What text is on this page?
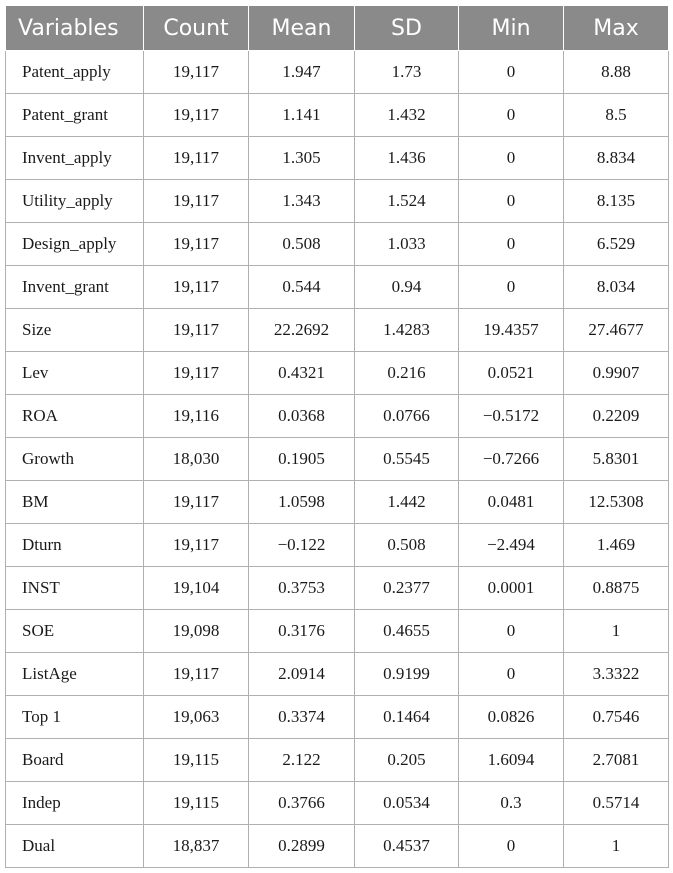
Variables	Count	Mean	SD	Min	Max
Patent_apply	19,117	1.947	1.73	0	8.88
Patent_grant	19,117	1.141	1.432	0	8.5
Invent_apply	19,117	1.305	1.436	0	8.834
Utility_apply	19,117	1.343	1.524	0	8.135
Design_apply	19,117	0.508	1.033	0	6.529
Invent_grant	19,117	0.544	0.94	0	8.034
Size	19,117	22.2692	1.4283	19.4357	27.4677
Lev	19,117	0.4321	0.216	0.0521	0.9907
ROA	19,116	0.0368	0.0766	−0.5172	0.2209
Growth	18,030	0.1905	0.5545	−0.7266	5.8301
BM	19,117	1.0598	1.442	0.0481	12.5308
Dturn	19,117	−0.122	0.508	−2.494	1.469
INST	19,104	0.3753	0.2377	0.0001	0.8875
SOE	19,098	0.3176	0.4655	0	1
ListAge	19,117	2.0914	0.9199	0	3.3322
Top 1	19,063	0.3374	0.1464	0.0826	0.7546
Board	19,115	2.122	0.205	1.6094	2.7081
Indep	19,115	0.3766	0.0534	0.3	0.5714
Dual	18,837	0.2899	0.4537	0	1
